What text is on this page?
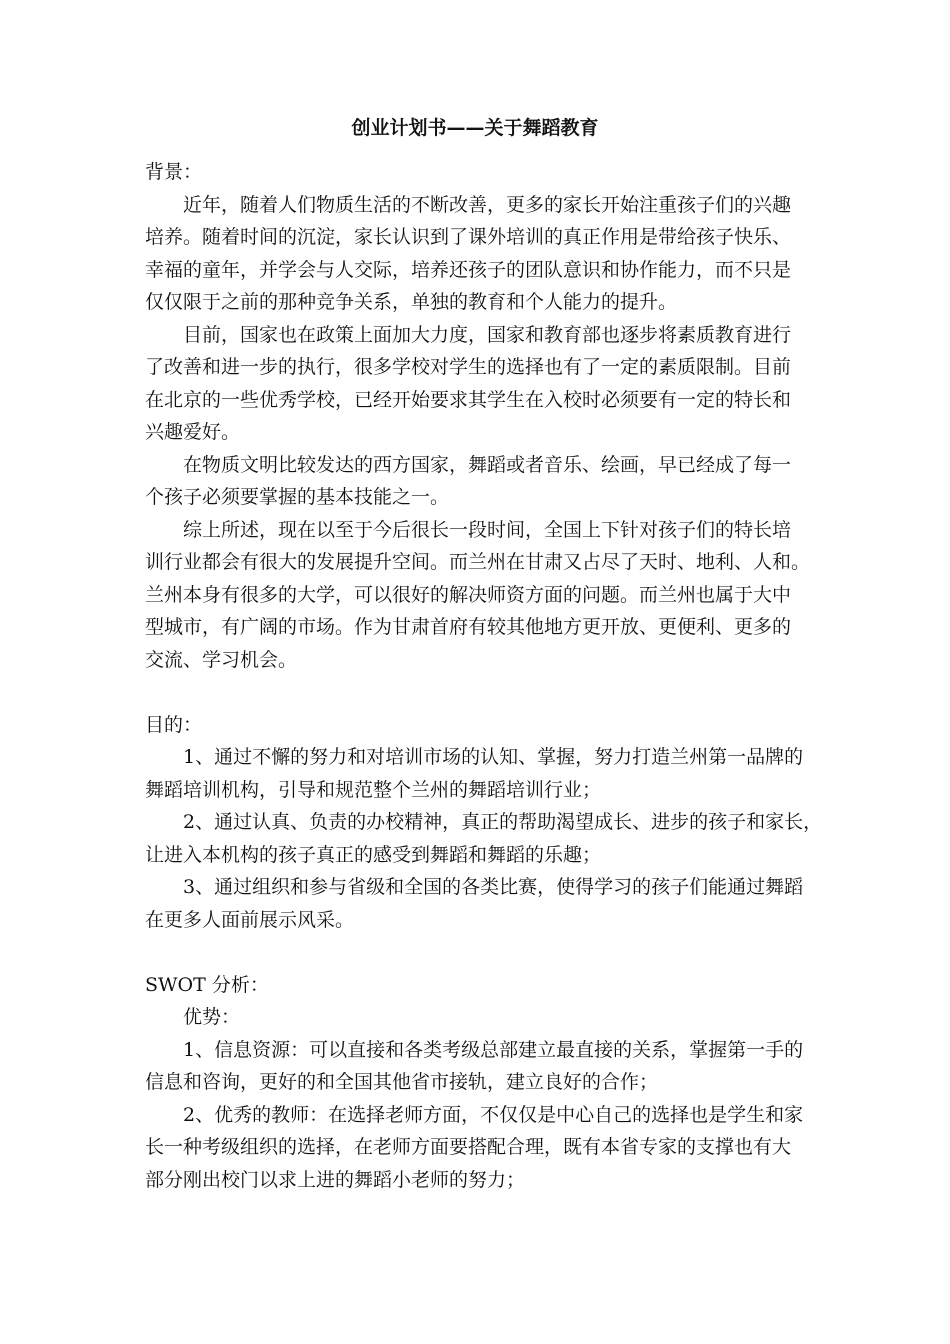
创业计划书——关于舞蹈教育
背景：
近年，随着人们物质生活的不断改善，更多的家长开始注重孩子们的兴趣
培养。随着时间的沉淀，家长认识到了课外培训的真正作用是带给孩子快乐、
幸福的童年，并学会与人交际，培养还孩子的团队意识和协作能力，而不只是
仅仅限于之前的那种竞争关系，单独的教育和个人能力的提升。
目前，国家也在政策上面加大力度，国家和教育部也逐步将素质教育进行
了改善和进一步的执行，很多学校对学生的选择也有了一定的素质限制。目前
在北京的一些优秀学校，已经开始要求其学生在入校时必须要有一定的特长和
兴趣爱好。
在物质文明比较发达的西方国家，舞蹈或者音乐、绘画，早已经成了每一
个孩子必须要掌握的基本技能之一。
综上所述，现在以至于今后很长一段时间，全国上下针对孩子们的特长培
训行业都会有很大的发展提升空间。而兰州在甘肃又占尽了天时、地利、人和。
兰州本身有很多的大学，可以很好的解决师资方面的问题。而兰州也属于大中
型城市，有广阔的市场。作为甘肃首府有较其他地方更开放、更便利、更多的
交流、学习机会。
目的：
1、通过不懈的努力和对培训市场的认知、掌握，努力打造兰州第一品牌的
舞蹈培训机构，引导和规范整个兰州的舞蹈培训行业；
2、通过认真、负责的办校精神，真正的帮助渴望成长、进步的孩子和家长，
让进入本机构的孩子真正的感受到舞蹈和舞蹈的乐趣；
3、通过组织和参与省级和全国的各类比赛，使得学习的孩子们能通过舞蹈
在更多人面前展示风采。
SWOT 分析：
优势：
1、信息资源：可以直接和各类考级总部建立最直接的关系，掌握第一手的
信息和咨询，更好的和全国其他省市接轨，建立良好的合作；
2、优秀的教师：在选择老师方面，不仅仅是中心自己的选择也是学生和家
长一种考级组织的选择，在老师方面要搭配合理，既有本省专家的支撑也有大
部分刚出校门以求上进的舞蹈小老师的努力；
